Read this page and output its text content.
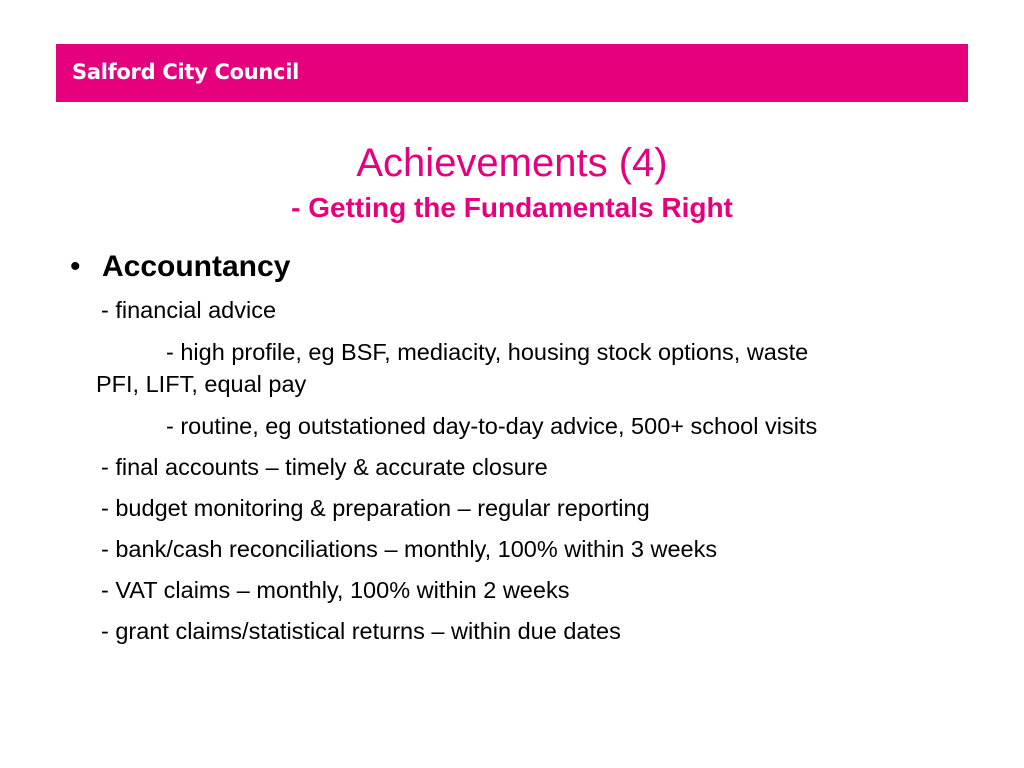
Salford City Council
Achievements (4)
- Getting the Fundamentals Right
• Accountancy
- financial advice
- high profile, eg BSF, mediacity, housing stock options, waste
PFI, LIFT, equal pay
- routine, eg outstationed day-to-day advice, 500+ school visits
- final accounts – timely & accurate closure
- budget monitoring & preparation – regular reporting
- bank/cash reconciliations – monthly, 100% within 3 weeks
- VAT claims – monthly, 100% within 2 weeks
- grant claims/statistical returns – within due dates
